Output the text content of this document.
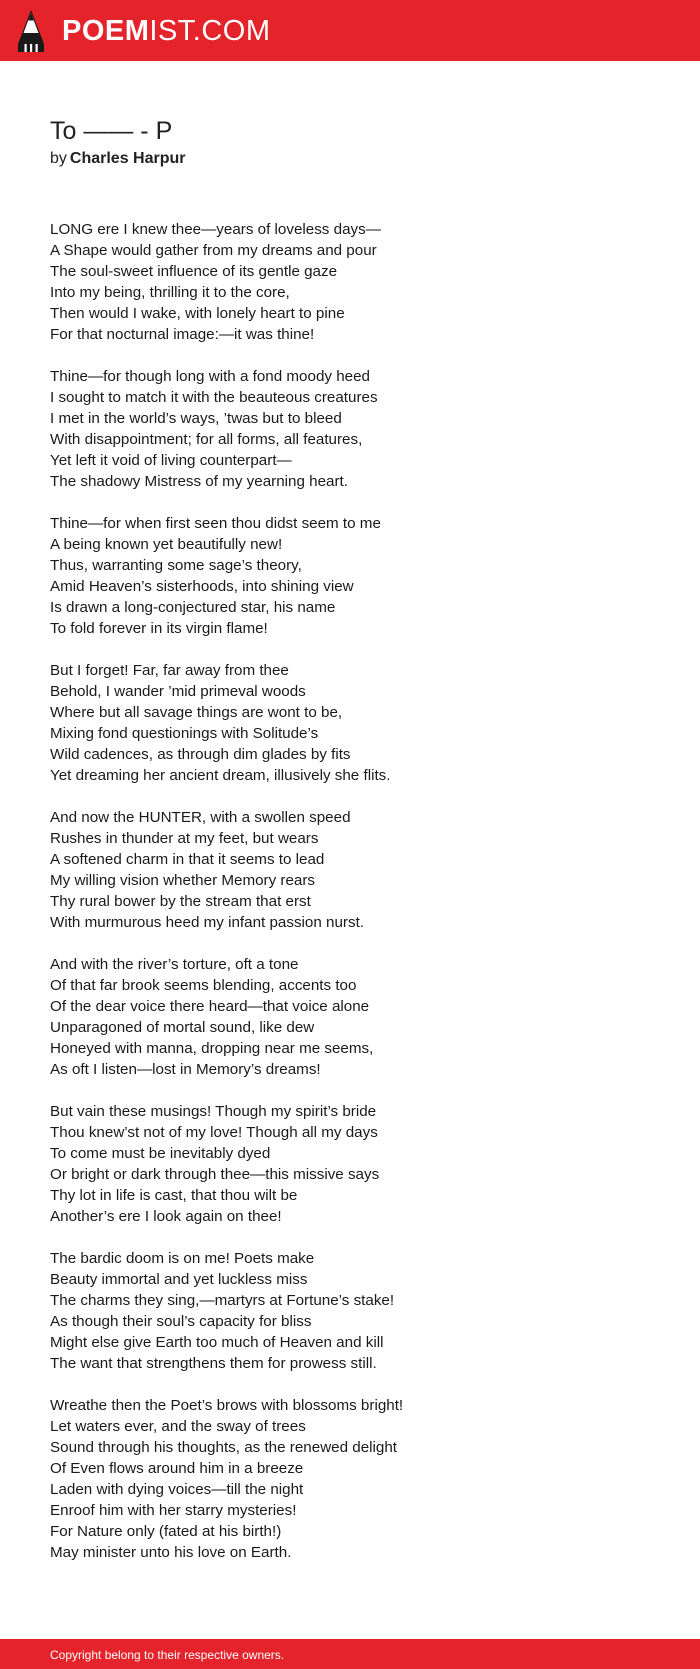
POEMIST.COM
To —— - P
by Charles Harpur
LONG ere I knew thee—years of loveless days—
A Shape would gather from my dreams and pour
The soul-sweet influence of its gentle gaze
Into my being, thrilling it to the core,
Then would I wake, with lonely heart to pine
For that nocturnal image:—it was thine!
Thine—for though long with a fond moody heed
I sought to match it with the beauteous creatures
I met in the world’s ways, ’twas but to bleed
With disappointment; for all forms, all features,
Yet left it void of living counterpart—
The shadowy Mistress of my yearning heart.
Thine—for when first seen thou didst seem to me
A being known yet beautifully new!
Thus, warranting some sage’s theory,
Amid Heaven’s sisterhoods, into shining view
Is drawn a long-conjectured star, his name
To fold forever in its virgin flame!
But I forget! Far, far away from thee
Behold, I wander ’mid primeval woods
Where but all savage things are wont to be,
Mixing fond questionings with Solitude’s
Wild cadences, as through dim glades by fits
Yet dreaming her ancient dream, illusively she flits.
And now the HUNTER, with a swollen speed
Rushes in thunder at my feet, but wears
A softened charm in that it seems to lead
My willing vision whether Memory rears
Thy rural bower by the stream that erst
With murmurous heed my infant passion nurst.
And with the river’s torture, oft a tone
Of that far brook seems blending, accents too
Of the dear voice there heard—that voice alone
Unparagoned of mortal sound, like dew
Honeyed with manna, dropping near me seems,
As oft I listen—lost in Memory’s dreams!
But vain these musings! Though my spirit’s bride
Thou knew’st not of my love! Though all my days
To come must be inevitably dyed
Or bright or dark through thee—this missive says
Thy lot in life is cast, that thou wilt be
Another’s ere I look again on thee!
The bardic doom is on me! Poets make
Beauty immortal and yet luckless miss
The charms they sing,—martyrs at Fortune’s stake!
As though their soul’s capacity for bliss
Might else give Earth too much of Heaven and kill
The want that strengthens them for prowess still.
Wreathe then the Poet’s brows with blossoms bright!
Let waters ever, and the sway of trees
Sound through his thoughts, as the renewed delight
Of Even flows around him in a breeze
Laden with dying voices—till the night
Enroof him with her starry mysteries!
For Nature only (fated at his birth!)
May minister unto his love on Earth.
Copyright belong to their respective owners.
